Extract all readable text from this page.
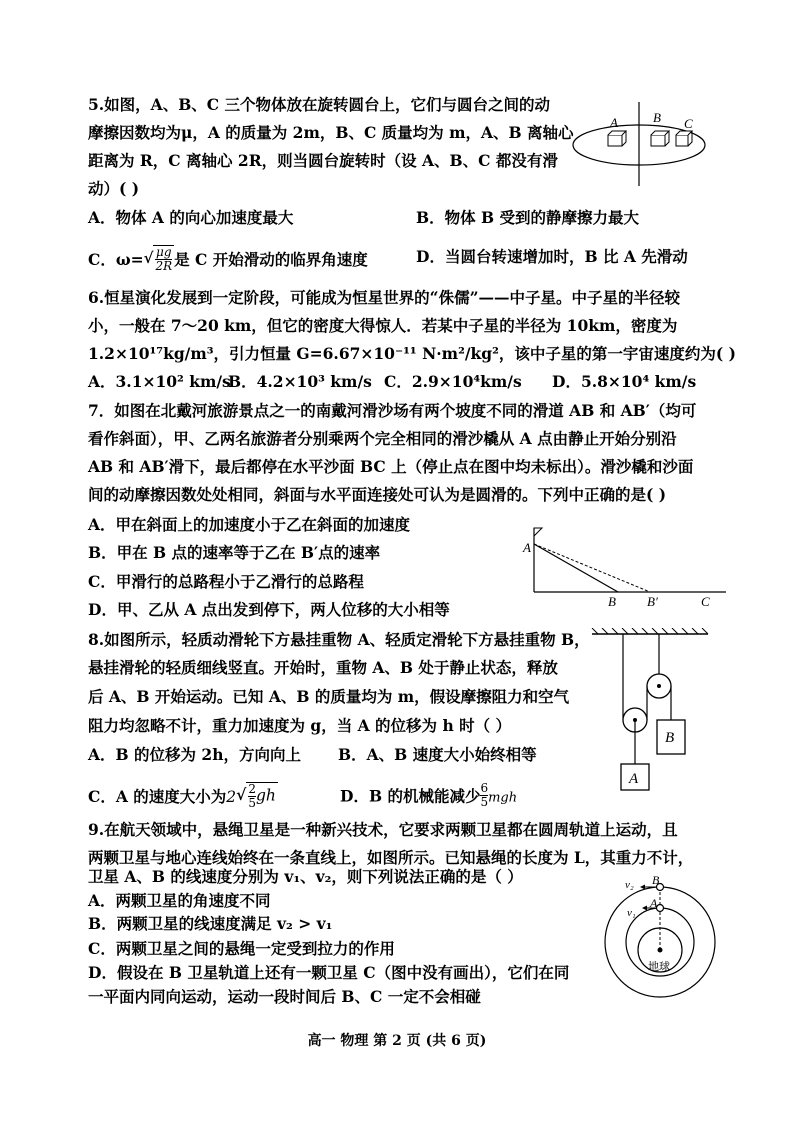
5.如图，A、B、C 三个物体放在旋转圆台上，它们与圆台之间的动
摩擦因数均为μ，A 的质量为 2m，B、C 质量均为 m，A、B 离轴心
距离为 R，C 离轴心 2R，则当圆台旋转时（设 A、B、C 都没有滑
动）( )
A．物体 A 的向心加速度最大	B．物体 B 受到的静摩擦力最大
C．$\omega=√ \frac{\mu g}{2R}$ 是 C 开始滑动的临界角速度	D．当圆台转速增加时，B 比 A 先滑动
A	B C
6.恒星演化发展到一定阶段，可能成为恒星世界的“侏儒”——中子星。中子星的半径较
小，一般在 7～20 km，但它的密度大得惊人．若某中子星的半径为 10km，密度为
1.2×10¹⁷kg/m³，引力恒量 G=6.67×10⁻¹¹ N·m²/kg²，该中子星的第一宇宙速度约为( )
A．3.1×10² km/s
B．4.2×10³ km/s C．2.9×10⁴km/s D．5.8×10⁴ km/s
7．如图在北戴河旅游景点之一的南戴河滑沙场有两个坡度不同的滑道 AB 和 AB′（均可
看作斜面），甲、乙两名旅游者分别乘两个完全相同的滑沙橇从 A 点由静止开始分别沿
AB 和 AB′滑下，最后都停在水平沙面 BC 上（停止点在图中均未标出）。滑沙橇和沙面
间的动摩擦因数处处相同，斜面与水平面连接处可认为是圆滑的。下列中正确的是( )
A．甲在斜面上的加速度小于乙在斜面的加速度
B．甲在 B 点的速率等于乙在 B′点的速率
C．甲滑行的总路程小于乙滑行的总路程
D．甲、乙从 A 点出发到停下，两人位移的大小相等
A
B B′	C
8.如图所示，轻质动滑轮下方悬挂重物 A、轻质定滑轮下方悬挂重物 B，
悬挂滑轮的轻质细线竖直。开始时，重物 A、B 处于静止状态，释放
后 A、B 开始运动。已知 A、B 的质量均为 m，假设摩擦阻力和空气
阻力均忽略不计，重力加速度为 g，当 A 的位移为 h 时（ ）
A．B 的位移为 2h，方向向上 B．A、B 速度大小始终相等
C．A 的速度大小为$2√ \frac{2}{5}$ gh	D．B 的机械能减少 $\frac{6}{5}$ mgh
A
B
9.在航天领域中，悬绳卫星是一种新兴技术，它要求两颗卫星都在圆周轨道上运动，且
两颗卫星与地心连线始终在一条直线上，如图所示。已知悬绳的长度为 L，其重力不计，
卫星 A、B 的线速度分别为 v₁、v₂，则下列说法正确的是（ ）
A．两颗卫星的角速度不同
B．两颗卫星的线速度满足 v₂ > v₁
C．两颗卫星之间的悬绳一定受到拉力的作用
D．假设在 B 卫星轨道上还有一颗卫星 C（图中没有画出），它们在同
一平面内同向运动，运动一段时间后 B、C 一定不会相碰
v₂ B
v₁
A
地球
高一 物理 第 2 页 (共 6 页)
